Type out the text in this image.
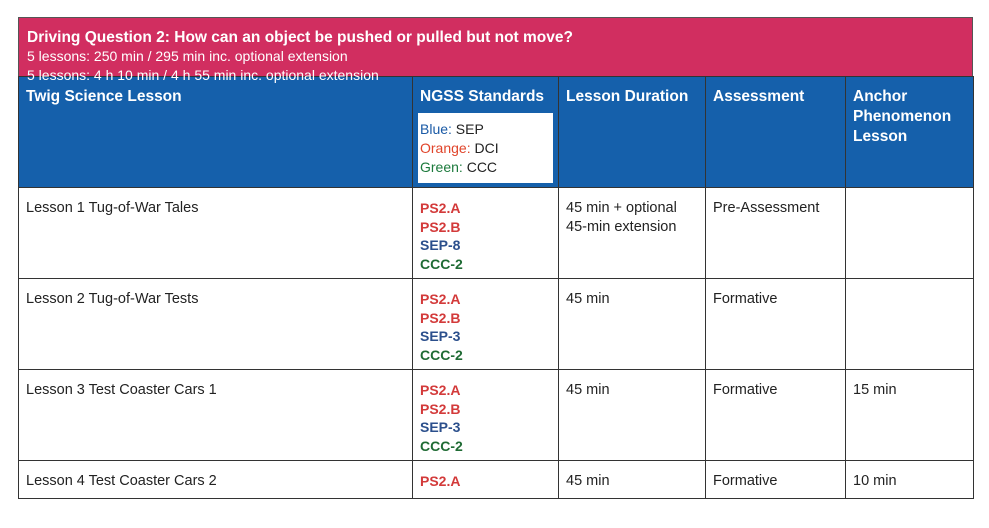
Driving Question 2: How can an object be pushed or pulled but not move?
5 lessons: 250 min / 295 min inc. optional extension
5 lessons: 4 h 10 min / 4 h 55 min inc. optional extension
Twig Science Lesson	NGSS Standards
Blue: SEP
Orange: DCI
Green: CCC	Lesson Duration	Assessment	Anchor Phenomenon Lesson
Lesson 1 Tug-of-War Tales	PS2.A
PS2.B
SEP-8
CCC-2	45 min + optional 45-min extension	Pre-Assessment	
Lesson 2 Tug-of-War Tests	PS2.A
PS2.B
SEP-3
CCC-2	45 min	Formative	
Lesson 3 Test Coaster Cars 1	PS2.A
PS2.B
SEP-3
CCC-2	45 min	Formative	15 min
Lesson 4 Test Coaster Cars 2	PS2.A	45 min	Formative	10 min
